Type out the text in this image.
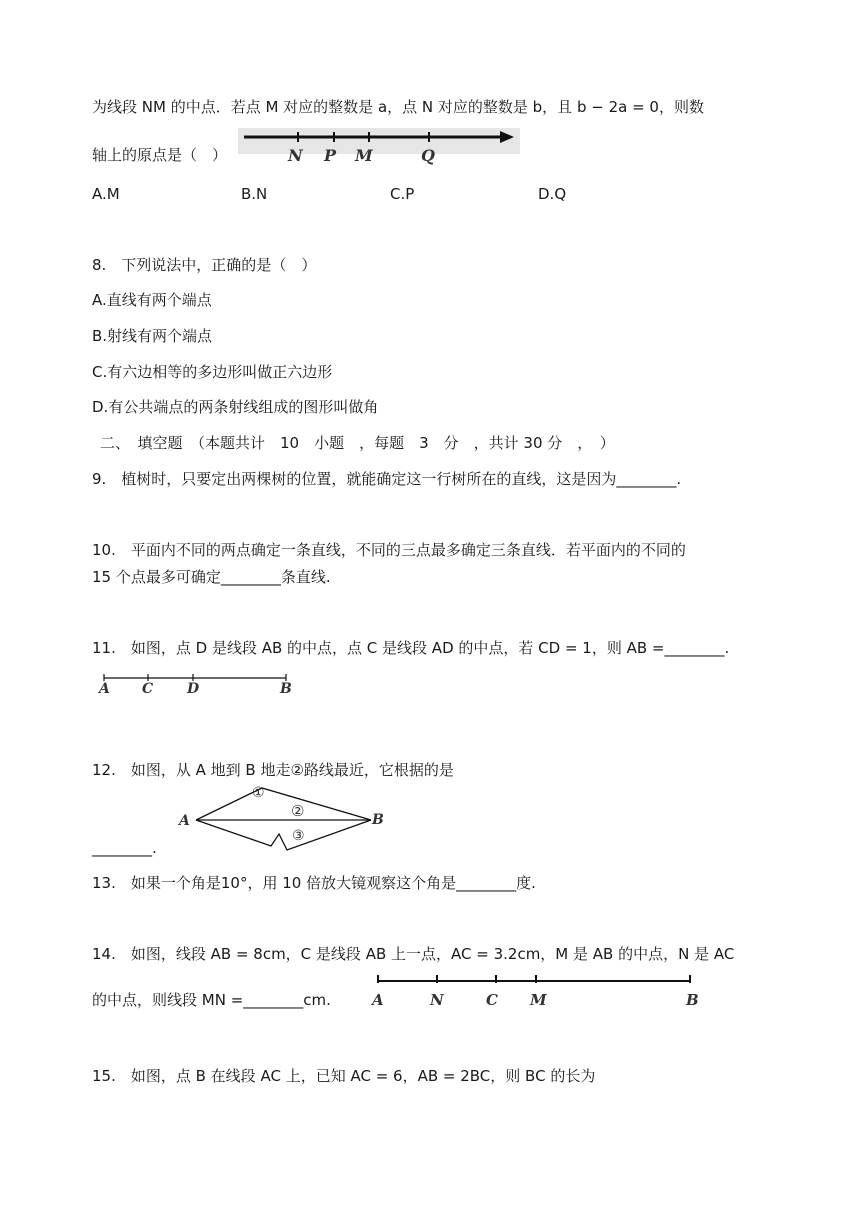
为线段 NM 的中点．若点 M 对应的整数是 a，点 N 对应的整数是 b，且 b − 2a = 0，则数
轴上的原点是（　）	N P M	Q
A.M	B.N	C.P	D.Q
8.　下列说法中，正确的是（　）
A.直线有两个端点
B.射线有两个端点
C.有六边相等的多边形叫做正六边形
D.有公共端点的两条射线组成的图形叫做角
二、　填空题　（本题共计　10　小题　，每题　3　分　，共计 30 分　，　）
9.　植树时，只要定出两棵树的位置，就能确定这一行树所在的直线，这是因为________.
10.　平面内不同的两点确定一条直线，不同的三点最多确定三条直线．若平面内的不同的
15 个点最多可确定________条直线.
11.　如图，点 D 是线段 AB 的中点，点 C 是线段 AD 的中点，若 CD = 1，则 AB =________.
A C D	B
12.　如图，从 A 地到 B 地走②路线最近，它根据的是
A	B
①
②
③
________.
13.　如果一个角是10°，用 10 倍放大镜观察这个角是________度.
14.　如图，线段 AB = 8cm，C 是线段 AB 上一点，AC = 3.2cm，M 是 AB 的中点，N 是 AC
A	N	C M	B
的中点，则线段 MN =________cm.
15.　如图，点 B 在线段 AC 上，已知 AC = 6，AB = 2BC，则 BC 的长为
